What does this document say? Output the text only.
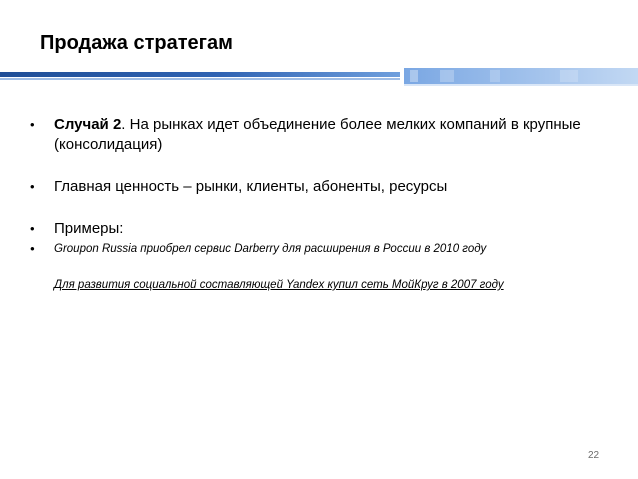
Продажа стратегам
• Случай 2. На рынках идет объединение более мелких компаний в крупные (консолидация)
• Главная ценность – рынки, клиенты, абоненты, ресурсы
• Примеры:
• Groupon Russia приобрел сервис Darberry для расширения в России в 2010 году
Для развития социальной составляющей Yandex купил сеть МойКруг в 2007 году
22
